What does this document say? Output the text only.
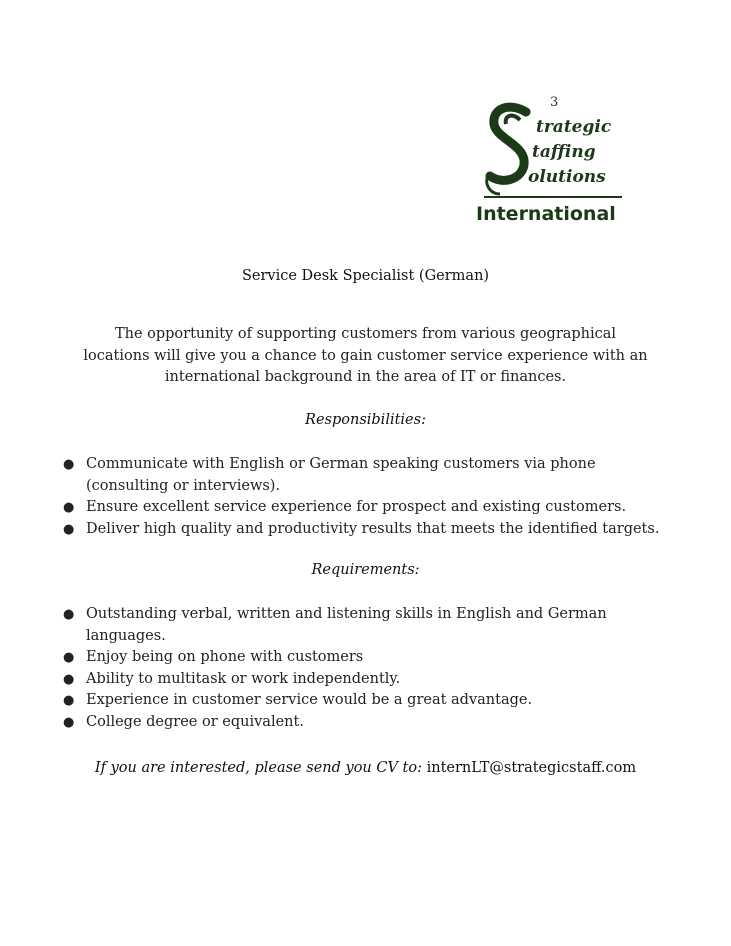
3
trategic
taffing
olutions
International
Service Desk Specialist (German)
The opportunity of supporting customers from various geographical locations will give you a chance to gain customer service experience with an international background in the area of IT or finances.
Responsibilities:
● Communicate with English or German speaking customers via phone (consulting or interviews).
● Ensure excellent service experience for prospect and existing customers.
● Deliver high quality and productivity results that meets the identified targets.
Requirements:
● Outstanding verbal, written and listening skills in English and German languages.
● Enjoy being on phone with customers
● Ability to multitask or work independently.
● Experience in customer service would be a great advantage.
● College degree or equivalent.
If you are interested, please send you CV to: internLT@strategicstaff.com
